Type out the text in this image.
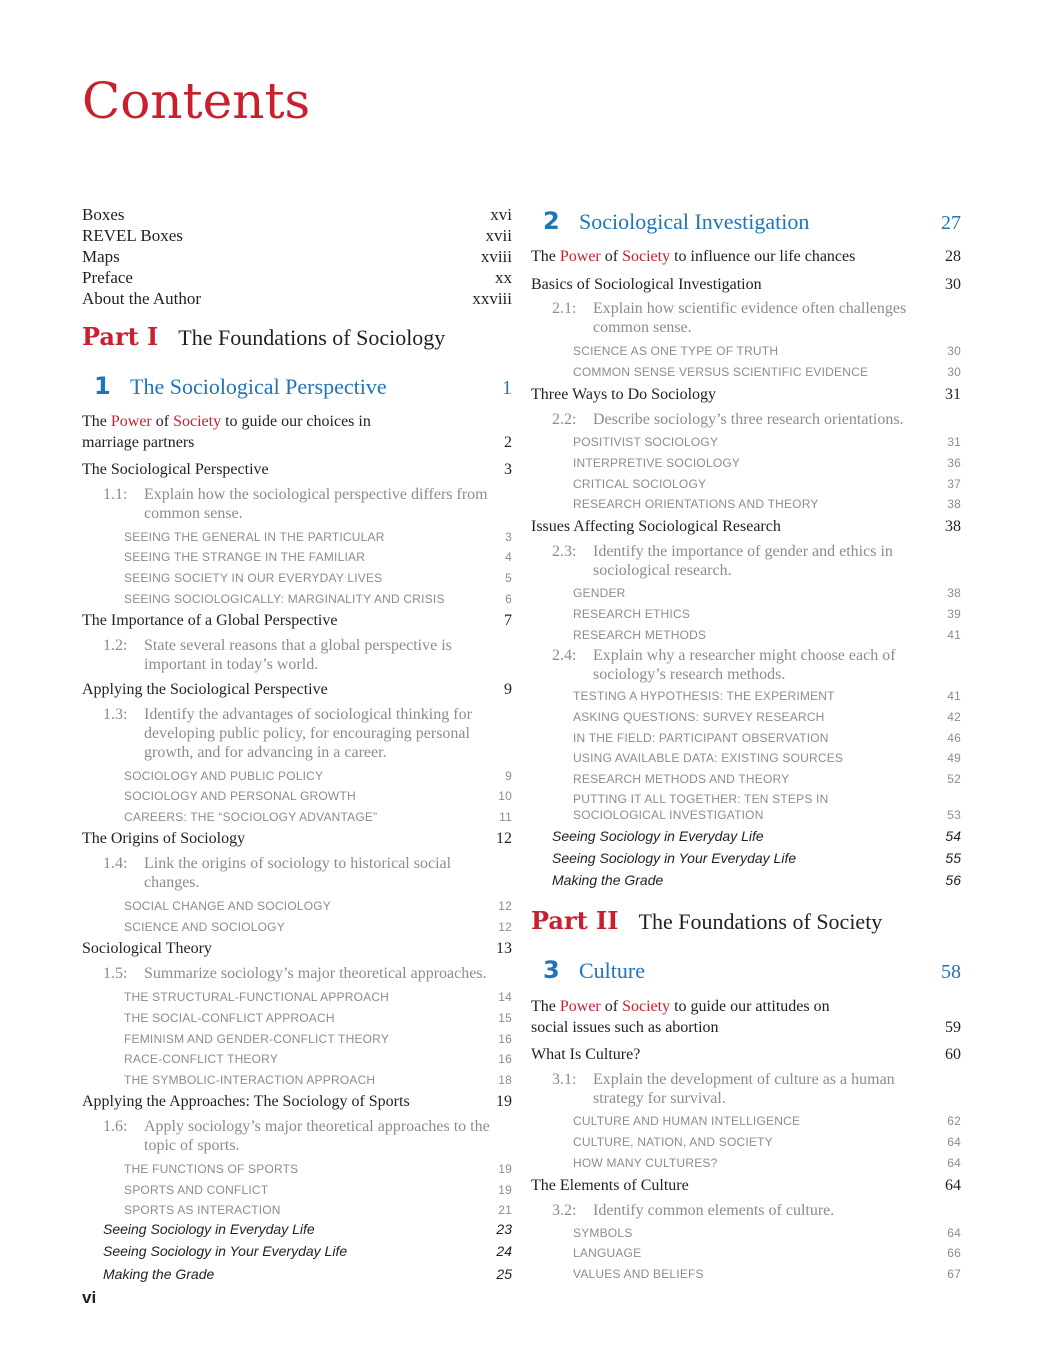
Contents
Boxes	xvi
REVEL Boxes	xvii
Maps	xviii
Preface	xx
About the Author	xxviii
Part I The Foundations of Sociology
1 The Sociological Perspective	1
The Power of Society to guide our choices in
marriage partners	2
The Sociological Perspective	3
1.1:	Explain how the sociological perspective differs from common sense.
SEEING THE GENERAL IN THE PARTICULAR	3
SEEING THE STRANGE IN THE FAMILIAR	4
SEEING SOCIETY IN OUR EVERYDAY LIVES	5
SEEING SOCIOLOGICALLY: MARGINALITY AND CRISIS	6
The Importance of a Global Perspective	7
1.2:	State several reasons that a global perspective is important in today’s world.
Applying the Sociological Perspective	9
1.3:	Identify the advantages of sociological thinking for developing public policy, for encouraging personal growth, and for advancing in a career.
SOCIOLOGY AND PUBLIC POLICY	9
SOCIOLOGY AND PERSONAL GROWTH	10
CAREERS: THE “SOCIOLOGY ADVANTAGE”	11
The Origins of Sociology	12
1.4:	Link the origins of sociology to historical social changes.
SOCIAL CHANGE AND SOCIOLOGY	12
SCIENCE AND SOCIOLOGY	12
Sociological Theory	13
1.5:	Summarize sociology’s major theoretical approaches.
THE STRUCTURAL-FUNCTIONAL APPROACH	14
THE SOCIAL-CONFLICT APPROACH	15
FEMINISM AND GENDER-CONFLICT THEORY	16
RACE-CONFLICT THEORY	16
THE SYMBOLIC-INTERACTION APPROACH	18
Applying the Approaches: The Sociology of Sports	19
1.6:	Apply sociology’s major theoretical approaches to the topic of sports.
THE FUNCTIONS OF SPORTS	19
SPORTS AND CONFLICT	19
SPORTS AS INTERACTION	21
Seeing Sociology in Everyday Life	23
Seeing Sociology in Your Everyday Life	24
Making the Grade	25
2 Sociological Investigation	27
The Power of Society to influence our life chances	28
Basics of Sociological Investigation	30
2.1:	Explain how scientific evidence often challenges common sense.
SCIENCE AS ONE TYPE OF TRUTH	30
COMMON SENSE VERSUS SCIENTIFIC EVIDENCE	30
Three Ways to Do Sociology	31
2.2:	Describe sociology’s three research orientations.
POSITIVIST SOCIOLOGY	31
INTERPRETIVE SOCIOLOGY	36
CRITICAL SOCIOLOGY	37
RESEARCH ORIENTATIONS AND THEORY	38
Issues Affecting Sociological Research	38
2.3:	Identify the importance of gender and ethics in sociological research.
GENDER	38
RESEARCH ETHICS	39
RESEARCH METHODS	41
2.4:	Explain why a researcher might choose each of sociology’s research methods.
TESTING A HYPOTHESIS: THE EXPERIMENT	41
ASKING QUESTIONS: SURVEY RESEARCH	42
IN THE FIELD: PARTICIPANT OBSERVATION	46
USING AVAILABLE DATA: EXISTING SOURCES	49
RESEARCH METHODS AND THEORY	52
PUTTING IT ALL TOGETHER: TEN STEPS IN SOCIOLOGICAL INVESTIGATION	53
Seeing Sociology in Everyday Life	54
Seeing Sociology in Your Everyday Life	55
Making the Grade	56
Part II The Foundations of Society
3 Culture	58
The Power of Society to guide our attitudes on
social issues such as abortion	59
What Is Culture?	60
3.1:	Explain the development of culture as a human strategy for survival.
CULTURE AND HUMAN INTELLIGENCE	62
CULTURE, NATION, AND SOCIETY	64
HOW MANY CULTURES?	64
The Elements of Culture	64
3.2:	Identify common elements of culture.
SYMBOLS	64
LANGUAGE	66
VALUES AND BELIEFS	67
vi
